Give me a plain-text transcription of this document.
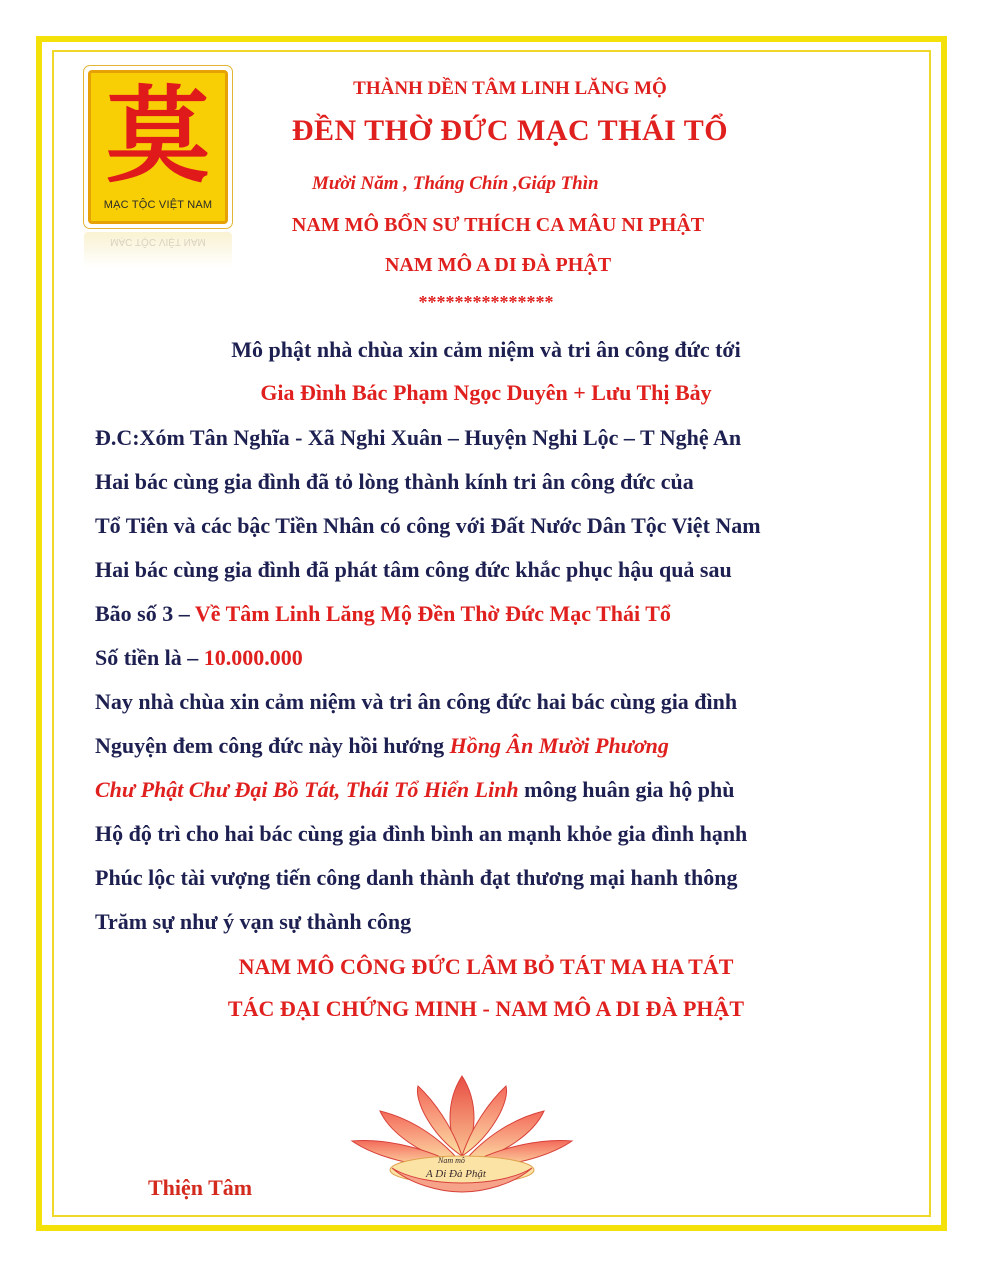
莫
MẠC TỘC VIỆT NAM
MẠC TỘC VIỆT NAM
THÀNH DỀN TÂM LINH LĂNG MỘ
ĐỀN THỜ ĐỨC MẠC THÁI TỔ
Mười Năm , Tháng Chín ,Giáp Thìn
NAM MÔ BỔN SƯ THÍCH CA MÂU NI PHẬT
NAM MÔ A DI ĐÀ PHẬT
***************
Mô phật nhà chùa xin cảm niệm và tri ân công đức tới
Gia Đình Bác Phạm Ngọc Duyên + Lưu Thị Bảy
Đ.C:Xóm Tân Nghĩa - Xã Nghi Xuân – Huyện Nghi Lộc – T Nghệ An
Hai bác cùng gia đình đã tỏ lòng thành kính tri ân công đức của
Tổ Tiên và các bậc Tiền Nhân có công với Đất Nước Dân Tộc Việt Nam
Hai bác cùng gia đình đã phát tâm công đức khắc phục hậu quả sau
Bão số 3 – Về Tâm Linh Lăng Mộ Đền Thờ Đức Mạc Thái Tổ
Số tiền là – 10.000.000
Nay nhà chùa xin cảm niệm và tri ân công đức hai bác cùng gia đình
Nguyện đem công đức này hồi hướng Hồng Ân Mười Phương
Chư Phật Chư Đại Bồ Tát, Thái Tổ Hiển Linh mông huân gia hộ phù
Hộ độ trì cho hai bác cùng gia đình bình an mạnh khỏe gia đình hạnh
Phúc lộc tài vượng tiến công danh thành đạt thương mại hanh thông
Trăm sự như ý vạn sự thành công
NAM MÔ CÔNG ĐỨC LÂM BỎ TÁT MA HA TÁT
TÁC ĐẠI CHỨNG MINH - NAM MÔ A DI ĐÀ PHẬT
Nam mô
A Di Đà Phật
Thiện Tâm
